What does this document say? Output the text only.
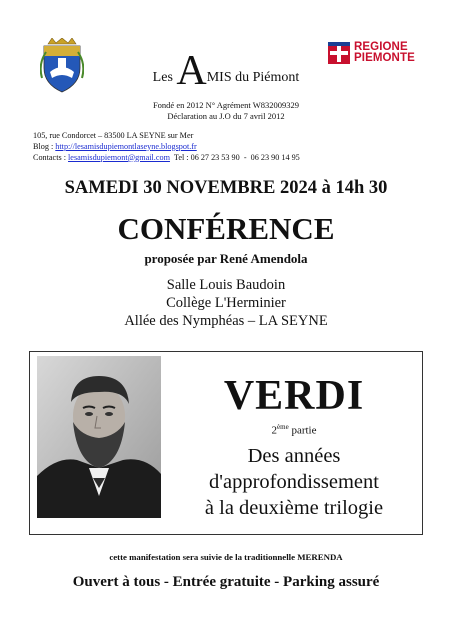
REGIONE
PIEMONTE
Les AMIS du Piémont
Fondé en 2012 N° Agrément W832009329
Déclaration au J.O du 7 avril 2012
105, rue Condorcet – 83500 LA SEYNE sur Mer
Blog : http://lesamisdupiemontlaseyne.blogspot.fr
Contacts : lesamisdupiemont@gmail.com  Tel : 06 27 23 53 90  -  06 23 90 14 95
SAMEDI 30 NOVEMBRE 2024 à 14h 30
CONFÉRENCE
proposée par René Amendola
Salle Louis Baudoin
Collège L'Herminier
Allée des Nymphéas – LA SEYNE
VERDI
2ème partie
Des années
d'approfondissement
à la deuxième trilogie
cette manifestation sera suivie de la traditionnelle MERENDA
Ouvert à tous - Entrée gratuite - Parking assuré
